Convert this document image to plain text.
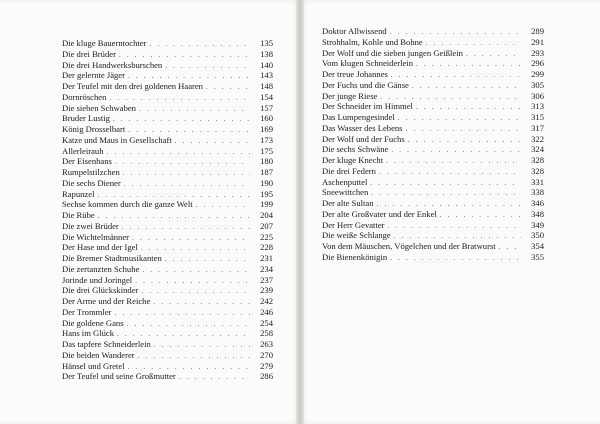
Die kluge Bauerntochter . . .	135
Die drei Brüder . . .	138
Die drei Handwerksburschen . . .	140
Der gelernte Jäger . . .	143
Der Teufel mit den drei goldenen Haaren . . .	148
Dornröschen . . .	154
Die sieben Schwaben . . .	157
Bruder Lustig . . .	160
König Drosselbart . . .	169
Katze und Maus in Gesellschaft . . .	173
Allerleirauh . . .	175
Der Eisenhans . . .	180
Rumpelstilzchen . . .	187
Die sechs Diener . . .	190
Rapunzel . . .	195
Sechse kommen durch die ganze Welt . . .	199
Die Rübe . . .	204
Die zwei Brüder . . .	207
Die Wichtelmänner . . .	225
Der Hase und der Igel . . .	228
Die Bremer Stadtmusikanten . . .	231
Die zertanzten Schuhe . . .	234
Jorinde und Joringel . . .	237
Die drei Glückskinder . . .	239
Der Arme und der Reiche . . .	242
Der Trommler . . .	246
Die goldene Gans . . .	254
Hans im Glück . . .	258
Das tapfere Schneiderlein . . .	263
Die beiden Wanderer . . .	270
Hänsel und Gretel . . .	279
Der Teufel und seine Großmutter . . .	286
Doktor Allwissend . . .	289
Strohhalm, Kohle und Bohne . . .	291
Der Wolf und die sieben jungen Geißlein . . .	293
Vom klugen Schneiderlein . . .	296
Der treue Johannes . . .	299
Der Fuchs und die Gänse . . .	305
Der junge Riese . . .	306
Der Schneider im Himmel . . .	313
Das Lumpengesindel . . .	315
Das Wasser des Lebens . . .	317
Der Wolf und der Fuchs . . .	322
Die sechs Schwäne . . .	324
Der kluge Knecht . . .	328
Die drei Federn . . .	328
Aschenputtel . . .	331
Sneewittchen . . .	338
Der alte Sultan . . .	346
Der alte Großvater und der Enkel . . .	348
Der Herr Gevatter . . .	349
Die weiße Schlange . . .	350
Von dem Mäuschen, Vögelchen und der Bratwurst . . .	354
Die Bienenkönigin . . .	355
